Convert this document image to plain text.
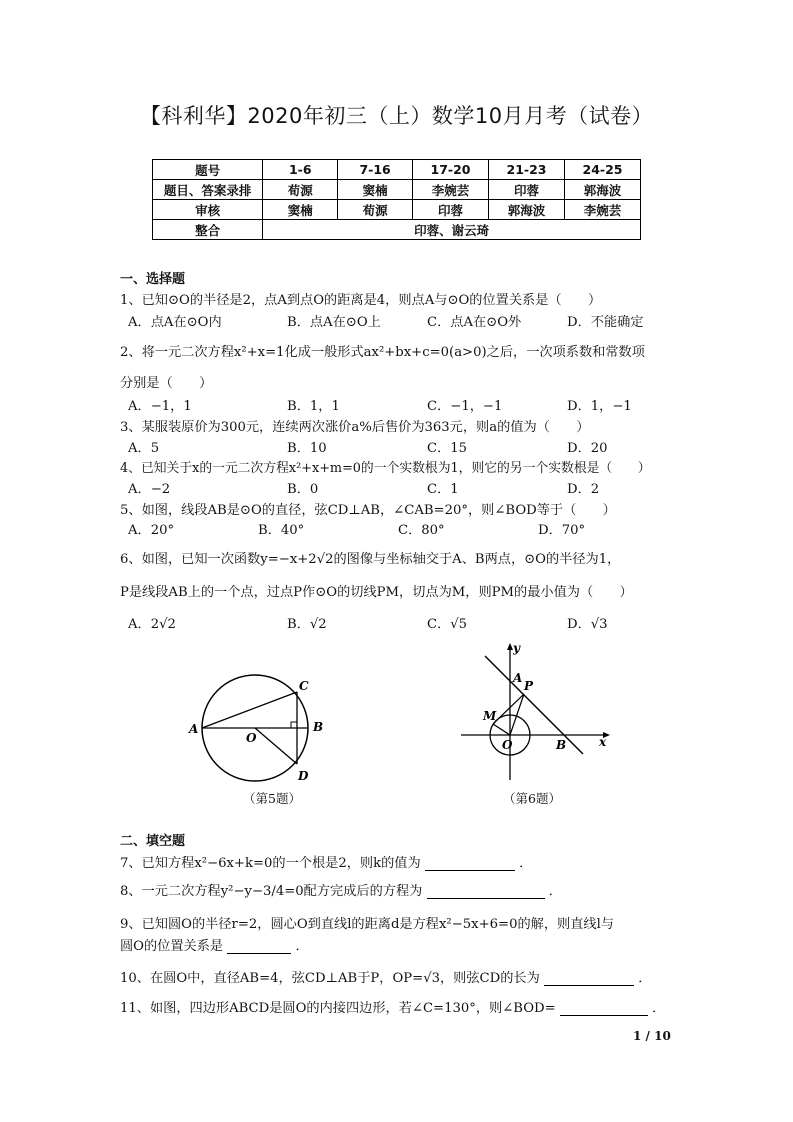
【科利华】2020年初三（上）数学10月月考（试卷）
题号	1-6	7-16	17-20	21-23	24-25
题目、答案录排	荀源	窦楠	李婉芸	印蓉	郭海波
审核	窦楠	荀源	印蓉	郭海波	李婉芸
整合	印蓉、谢云琦				
一、选择题
1、已知⊙O的半径是2，点A到点O的距离是4，则点A与⊙O的位置关系是（　　）
A．点A在⊙O内	B．点A在⊙O上	C．点A在⊙O外	D．不能确定
2、将一元二次方程x²+x=1化成一般形式ax²+bx+c=0(a>0)之后，一次项系数和常数项
分别是（　　）
A．−1，1	B．1，1	C．−1，−1	D．1，−1
3、某服装原价为300元，连续两次涨价a%后售价为363元，则a的值为（　　）
A．5	B．10	C．15	D．20
4、已知关于x的一元二次方程x²+x+m=0的一个实数根为1，则它的另一个实数根是（　　）
A．−2	B．0	C．1	D．2
5、如图，线段AB是⊙O的直径，弦CD⊥AB，∠CAB=20°，则∠BOD等于（　　）
A．20°	B．40°	C．80°	D．70°
6、如图，已知一次函数y=−x+2√2的图像与坐标轴交于A、B两点，⊙O的半径为1，
P是线段AB上的一个点，过点P作⊙O的切线PM，切点为M，则PM的最小值为（　　）
A．2√2	B．√2	C．√5	D．√3
A	B
C
D
O
（第5题）
y
x
A
P
M
O	B
（第6题）
二、填空题
7、已知方程x²−6x+k=0的一个根是2，则k的值为	．
8、一元二次方程y²−y−3/4=0配方完成后的方程为	．
9、已知圆O的半径r=2，圆心O到直线l的距离d是方程x²−5x+6=0的解，则直线l与
圆O的位置关系是	．
10、在圆O中，直径AB=4，弦CD⊥AB于P，OP=√3，则弦CD的长为	．
11、如图，四边形ABCD是圆O的内接四边形，若∠C=130°，则∠BOD=	．
1 / 10
